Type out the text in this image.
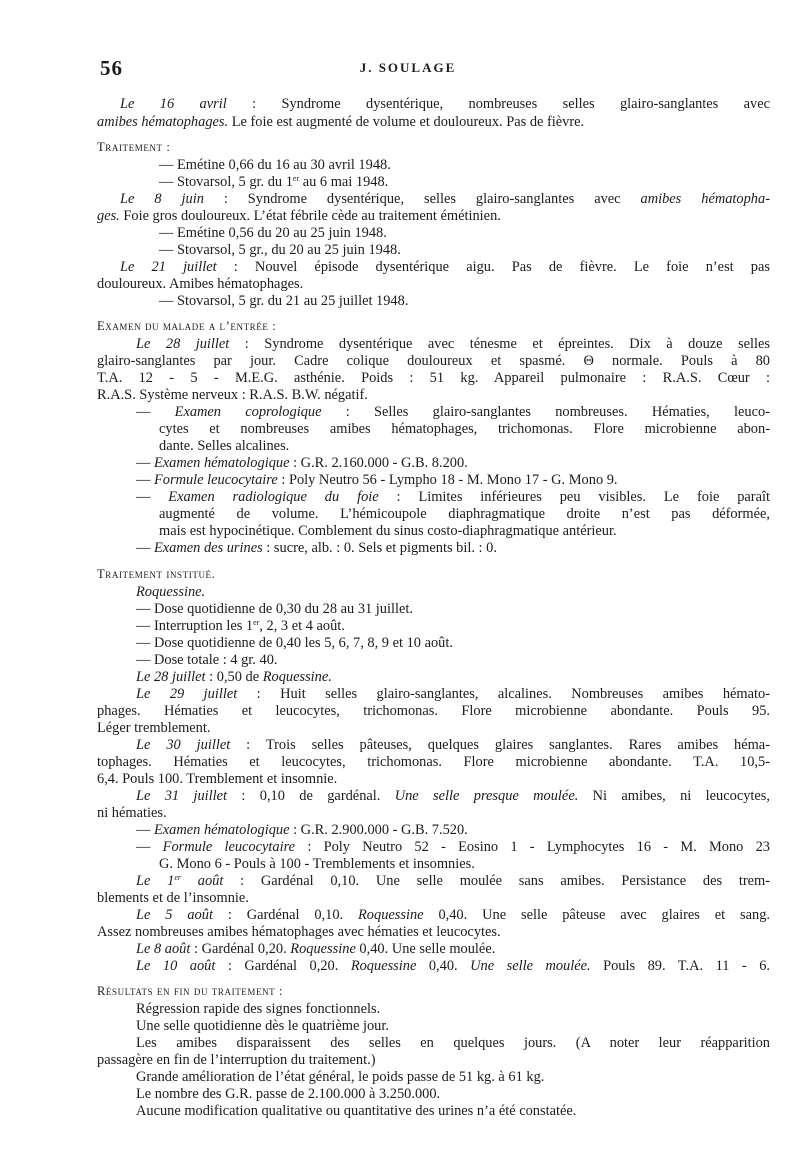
56	J. SOULAGE
Le 16 avril : Syndrome dysentérique, nombreuses selles glairo-sanglantes avec
amibes hématophages. Le foie est augmenté de volume et douloureux. Pas de fièvre.
Traitement :
— Emétine 0,66 du 16 au 30 avril 1948.
— Stovarsol, 5 gr. du 1er au 6 mai 1948.
Le 8 juin : Syndrome dysentérique, selles glairo-sanglantes avec amibes hématopha-
ges. Foie gros douloureux. L’état fébrile cède au traitement émétinien.
— Emétine 0,56 du 20 au 25 juin 1948.
— Stovarsol, 5 gr., du 20 au 25 juin 1948.
Le 21 juillet : Nouvel épisode dysentérique aigu. Pas de fièvre. Le foie n’est pas
douloureux. Amibes hématophages.
— Stovarsol, 5 gr. du 21 au 25 juillet 1948.
Examen du malade a l’entrée :
Le 28 juillet : Syndrome dysentérique avec ténesme et épreintes. Dix à douze selles
glairo-sanglantes par jour. Cadre colique douloureux et spasmé. Θ normale. Pouls à 80
T.A. 12 - 5 - M.E.G. asthénie. Poids : 51 kg. Appareil pulmonaire : R.A.S. Cœur :
R.A.S. Système nerveux : R.A.S. B.W. négatif.
— Examen coprologique : Selles glairo-sanglantes nombreuses. Hématies, leuco-
cytes et nombreuses amibes hématophages, trichomonas. Flore microbienne abon-
dante. Selles alcalines.
— Examen hématologique : G.R. 2.160.000 - G.B. 8.200.
— Formule leucocytaire : Poly Neutro 56 - Lympho 18 - M. Mono 17 - G. Mono 9.
— Examen radiologique du foie : Limites inférieures peu visibles. Le foie paraît
augmenté de volume. L’hémicoupole diaphragmatique droite n’est pas déformée,
mais est hypocinétique. Comblement du sinus costo-diaphragmatique antérieur.
— Examen des urines : sucre, alb. : 0. Sels et pigments bil. : 0.
Traitement institué.
Roquessine.
— Dose quotidienne de 0,30 du 28 au 31 juillet.
— Interruption les 1er, 2, 3 et 4 août.
— Dose quotidienne de 0,40 les 5, 6, 7, 8, 9 et 10 août.
— Dose totale : 4 gr. 40.
Le 28 juillet : 0,50 de Roquessine.
Le 29 juillet : Huit selles glairo-sanglantes, alcalines. Nombreuses amibes hémato-
phages. Hématies et leucocytes, trichomonas. Flore microbienne abondante. Pouls 95.
Léger tremblement.
Le 30 juillet : Trois selles pâteuses, quelques glaires sanglantes. Rares amibes héma-
tophages. Hématies et leucocytes, trichomonas. Flore microbienne abondante. T.A. 10,5-
6,4. Pouls 100. Tremblement et insomnie.
Le 31 juillet : 0,10 de gardénal. Une selle presque moulée. Ni amibes, ni leucocytes,
ni hématies.
— Examen hématologique : G.R. 2.900.000 - G.B. 7.520.
— Formule leucocytaire : Poly Neutro 52 - Eosino 1 - Lymphocytes 16 - M. Mono 23
G. Mono 6 - Pouls à 100 - Tremblements et insomnies.
Le 1er août : Gardénal 0,10. Une selle moulée sans amibes. Persistance des trem-
blements et de l’insomnie.
Le 5 août : Gardénal 0,10. Roquessine 0,40. Une selle pâteuse avec glaires et sang.
Assez nombreuses amibes hématophages avec hématies et leucocytes.
Le 8 août : Gardénal 0,20. Roquessine 0,40. Une selle moulée.
Le 10 août : Gardénal 0,20. Roquessine 0,40. Une selle moulée. Pouls 89. T.A. 11 - 6.
Résultats en fin du traitement :
Régression rapide des signes fonctionnels.
Une selle quotidienne dès le quatrième jour.
Les amibes disparaissent des selles en quelques jours. (A noter leur réapparition
passagère en fin de l’interruption du traitement.)
Grande amélioration de l’état général, le poids passe de 51 kg. à 61 kg.
Le nombre des G.R. passe de 2.100.000 à 3.250.000.
Aucune modification qualitative ou quantitative des urines n’a été constatée.
